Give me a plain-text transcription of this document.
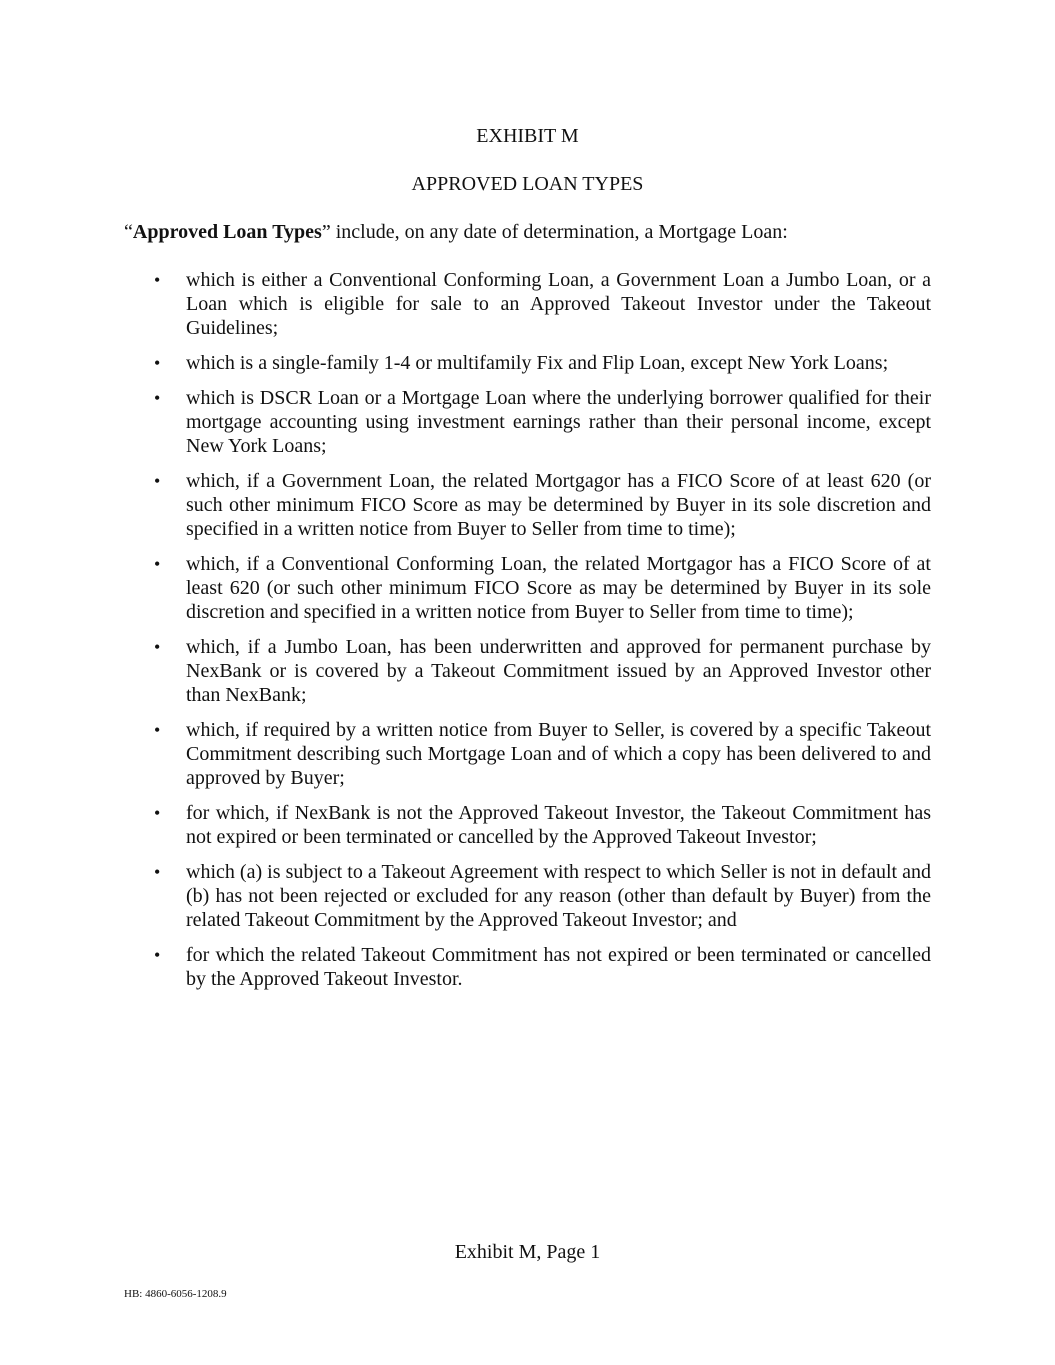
EXHIBIT M
APPROVED LOAN TYPES
“Approved Loan Types” include, on any date of determination, a Mortgage Loan:
•	which is either a Conventional Conforming Loan, a Government Loan a Jumbo Loan, or a Loan which is eligible for sale to an Approved Takeout Investor under the Takeout Guidelines;
•	which is a single-family 1-4 or multifamily Fix and Flip Loan, except New York Loans;
•	which is DSCR Loan or a Mortgage Loan where the underlying borrower qualified for their mortgage accounting using investment earnings rather than their personal income, except New York Loans;
•	which, if a Government Loan, the related Mortgagor has a FICO Score of at least 620 (or such other minimum FICO Score as may be determined by Buyer in its sole discretion and specified in a written notice from Buyer to Seller from time to time);
•	which, if a Conventional Conforming Loan, the related Mortgagor has a FICO Score of at least 620 (or such other minimum FICO Score as may be determined by Buyer in its sole discretion and specified in a written notice from Buyer to Seller from time to time);
•	which, if a Jumbo Loan, has been underwritten and approved for permanent purchase by NexBank or is covered by a Takeout Commitment issued by an Approved Investor other than NexBank;
•	which, if required by a written notice from Buyer to Seller, is covered by a specific Takeout Commitment describing such Mortgage Loan and of which a copy has been delivered to and approved by Buyer;
•	for which, if NexBank is not the Approved Takeout Investor, the Takeout Commitment has not expired or been terminated or cancelled by the Approved Takeout Investor;
•	which (a) is subject to a Takeout Agreement with respect to which Seller is not in default and (b) has not been rejected or excluded for any reason (other than default by Buyer) from the related Takeout Commitment by the Approved Takeout Investor; and
•	for which the related Takeout Commitment has not expired or been terminated or cancelled by the Approved Takeout Investor.
Exhibit M, Page 1
HB: 4860-6056-1208.9
